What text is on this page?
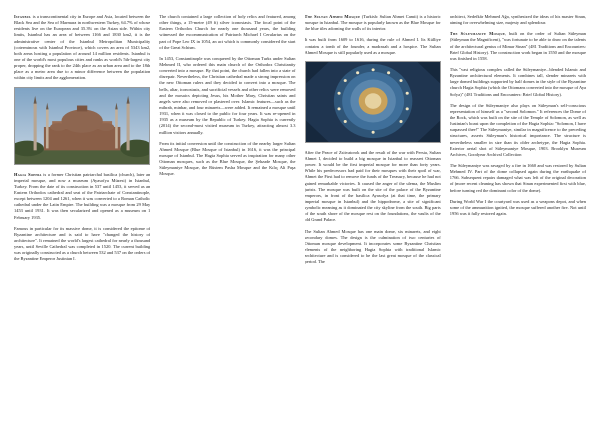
Istanbul is a transcontinental city in Europe and Asia, located between the Black Sea and the Sea of Marmara in northwestern Turkey, 64.7% of whose residents live on the European and 35.3% on the Asian side. Within city limits, Istanbul has an area of between 1166 and 1830 km2, it is the administrative center of the Istanbul Metropolitan Municipality (coterminous with Istanbul Province), which covers an area of 5343 km2, both areas hosting a population of around 14 million residents. Istanbul is one of the world's most populous cities and ranks as world's 5th-largest city proper, dropping the rank to the 24th place as an urban area and to the 18th place as a metro area due to a minor difference between the population within city limits and the agglomeration.

Hagia Sophia is a former Christian patriarchal basilica (church), later an imperial mosque, and now a museum (Ayasofya Müzesi) in Istanbul, Turkey. From the date of its construction in 537 until 1453, it served as an Eastern Orthodox cathedral and seat of the Patriarchate of Constantinople, except between 1204 and 1261, when it was converted to a Roman Catholic cathedral under the Latin Empire. The building was a mosque from 29 May 1453 until 1931. It was then secularized and opened as a museum on 1 February 1935.

Famous in particular for its massive dome, it is considered the epitome of Byzantine architecture and is said to have "changed the history of architecture". It remained the world's largest cathedral for nearly a thousand years, until Seville Cathedral was completed in 1520. The current building was originally constructed as a church between 532 and 537 on the orders of the Byzantine Emperor Justinian I.

The church contained a large collection of holy relics and featured, among other things, a 15-metre (49 ft) silver iconostasis. The focal point of the Eastern Orthodox Church for nearly one thousand years, the building witnessed the excommunication of Patriarch Michael I Cerularius on the part of Pope Leo IX in 1054, an act which is commonly considered the start of the Great Schism.

In 1453, Constantinople was conquered by the Ottoman Turks under Sultan Mehmed II, who ordered this main church of the Orthodox Christianity converted into a mosque. By that point, the church had fallen into a state of disrepair. Nevertheless, the Christian cathedral made a strong impression on the new Ottoman rulers and they decided to convert into a mosque. The bells, altar, iconostasis, and sacrificial vessels and other relics were removed and the mosaics depicting Jesus, his Mother Mary, Christian saints and angels were also removed or plastered over. Islamic features—such as the mihrab, minbar, and four minarets—were added. It remained a mosque until 1931, when it was closed to the public for four years. It was re-opened in 1935 as a museum by the Republic of Turkey. Hagia Sophia is currently (2014) the second-most visited museum in Turkey, attracting almost 3.3 million visitors annually.

From its initial conversion until the construction of the nearby larger Sultan Ahmed Mosque (Blue Mosque of Istanbul) in 1616, it was the principal mosque of Istanbul. The Hagia Sophia served as inspiration for many other Ottoman mosques, such as the Blue Mosque, the Şehzade Mosque, the Süleymaniye Mosque, the Rüstem Pasha Mosque and the Kılıç Ali Paşa Mosque.

The Sultan Ahmed Mosque (Turkish: Sultan Ahmet Camii) is a historic mosque in Istanbul. The mosque is popularly known as the Blue Mosque for the blue tiles adorning the walls of its interior.

It was built from 1609 to 1616, during the rule of Ahmed I. Its Külliye contains a tomb of the founder, a madrasah and a hospice. The Sultan Ahmed Mosque is still popularly used as a mosque.

After the Peace of Zsitvatorok and the result of the war with Persia, Sultan Ahmet I, decided to build a big mosque in Istanbul to reassert Ottoman power. It would be the first imperial mosque for more than forty years. While his predecessors had paid for their mosques with their spoil of war, Ahmet the First had to remove the funds of the Treasury, because he had not gained remarkable victories. It caused the anger of the ulema, the Muslim jurists. The mosque was built on the site of the palace of the Byzantine emperors, in front of the basilica Ayasofya (at that time, the primary imperial mosque in Istanbul) and the hippodrome, a site of significant symbolic meaning as it dominated the city skyline from the south. Big parts of the south shore of the mosque rest on the foundations, the vaults of the old Grand Palace.

The Sultan Ahmed Mosque has one main dome, six minarets, and eight secondary domes. The design is the culmination of two centuries of Ottoman mosque development. It incorporates some Byzantine Christian elements of the neighboring Hagia Sophia with traditional Islamic architecture and is considered to be the last great mosque of the classical period. The

architect, Sedefkâr Mehmed Ağa, synthesized the ideas of his master Sinan, aiming for overwhelming size, majesty and splendour.

The Süleymaniye Mosque, built on the order of Sultan Süleyman (Süleyman the Magnificent), "was fortunate to be able to draw on the talents of the architectural genius of Mimar Sinan" (481 Traditions and Encounters: Brief Global History). The construction work began in 1550 and the mosque was finished in 1558.

This "vast religious complex called the Süleymaniye...blended Islamic and Byzantine architectural elements. It combines tall, slender minarets with large domed buildings supported by half domes in the style of the Byzantine church Hagia Sophia (which the Ottomans converted into the mosque of Aya Sofya)" (481 Traditions and Encounters: Brief Global History).

The design of the Süleymaniye also plays on Süleyman's self-conscious representation of himself as a "second Solomon." It references the Dome of the Rock, which was built on the site of the Temple of Solomon, as well as Justinian's boast upon the completion of the Hagia Sophia: "Solomon, I have surpassed thee!" The Süleymaniye, similar in magnificence to the preceding structures, asserts Süleyman's historical importance. The structure is nevertheless smaller in size than its older archetype, the Hagia Sophia. Exterior aerial shot of Süleymaniye Mosque, 1903. Brooklyn Museum Archives, Goodyear Archival Collection

The Süleymaniye was ravaged by a fire in 1660 and was restored by Sultan Mehmed IV. Part of the dome collapsed again during the earthquake of 1766. Subsequent repairs damaged what was left of the original decoration of (more recent cleaning has shown that Sinan experimented first with blue, before turning red the dominant color of the dome).

During World War I the courtyard was used as a weapons depot, and when some of the ammunition ignited, the mosque suffered another fire. Not until 1956 was it fully restored again.
